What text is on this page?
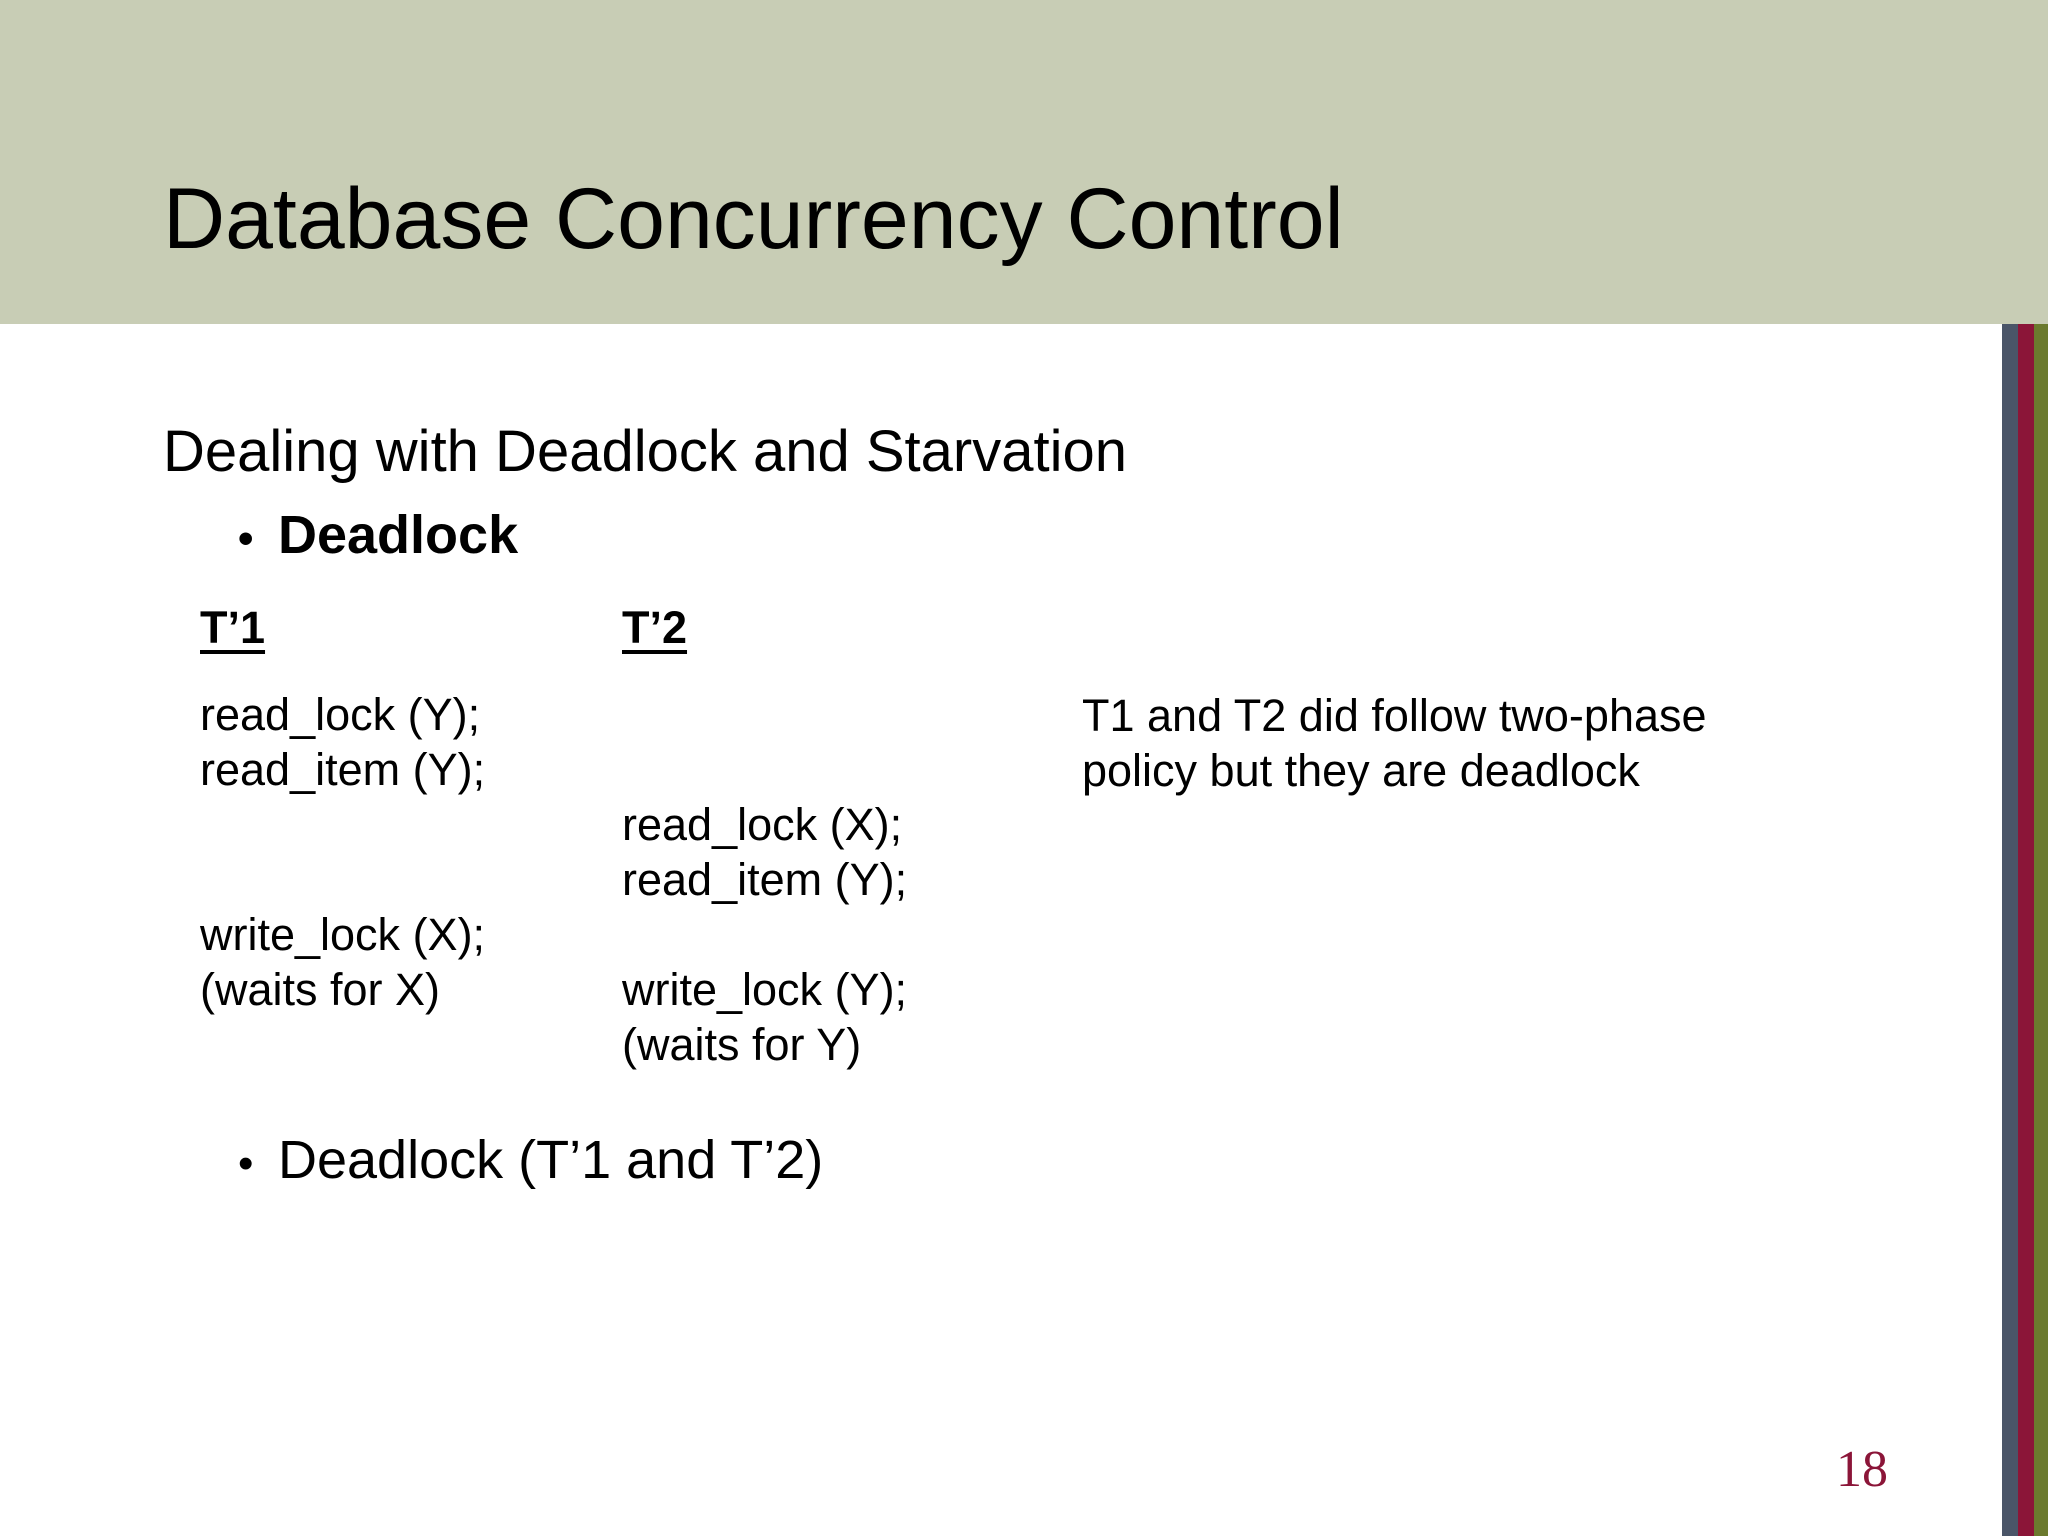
Database Concurrency Control
Dealing with Deadlock and Starvation
• Deadlock
T’1	T’2
read_lock (Y);
read_item (Y);
read_lock (X);
read_item (Y);
write_lock (X);
(waits for X)	write_lock (Y);
(waits for Y)
T1 and T2 did follow two-phase
policy but they are deadlock
• Deadlock (T’1 and T’2)
18
